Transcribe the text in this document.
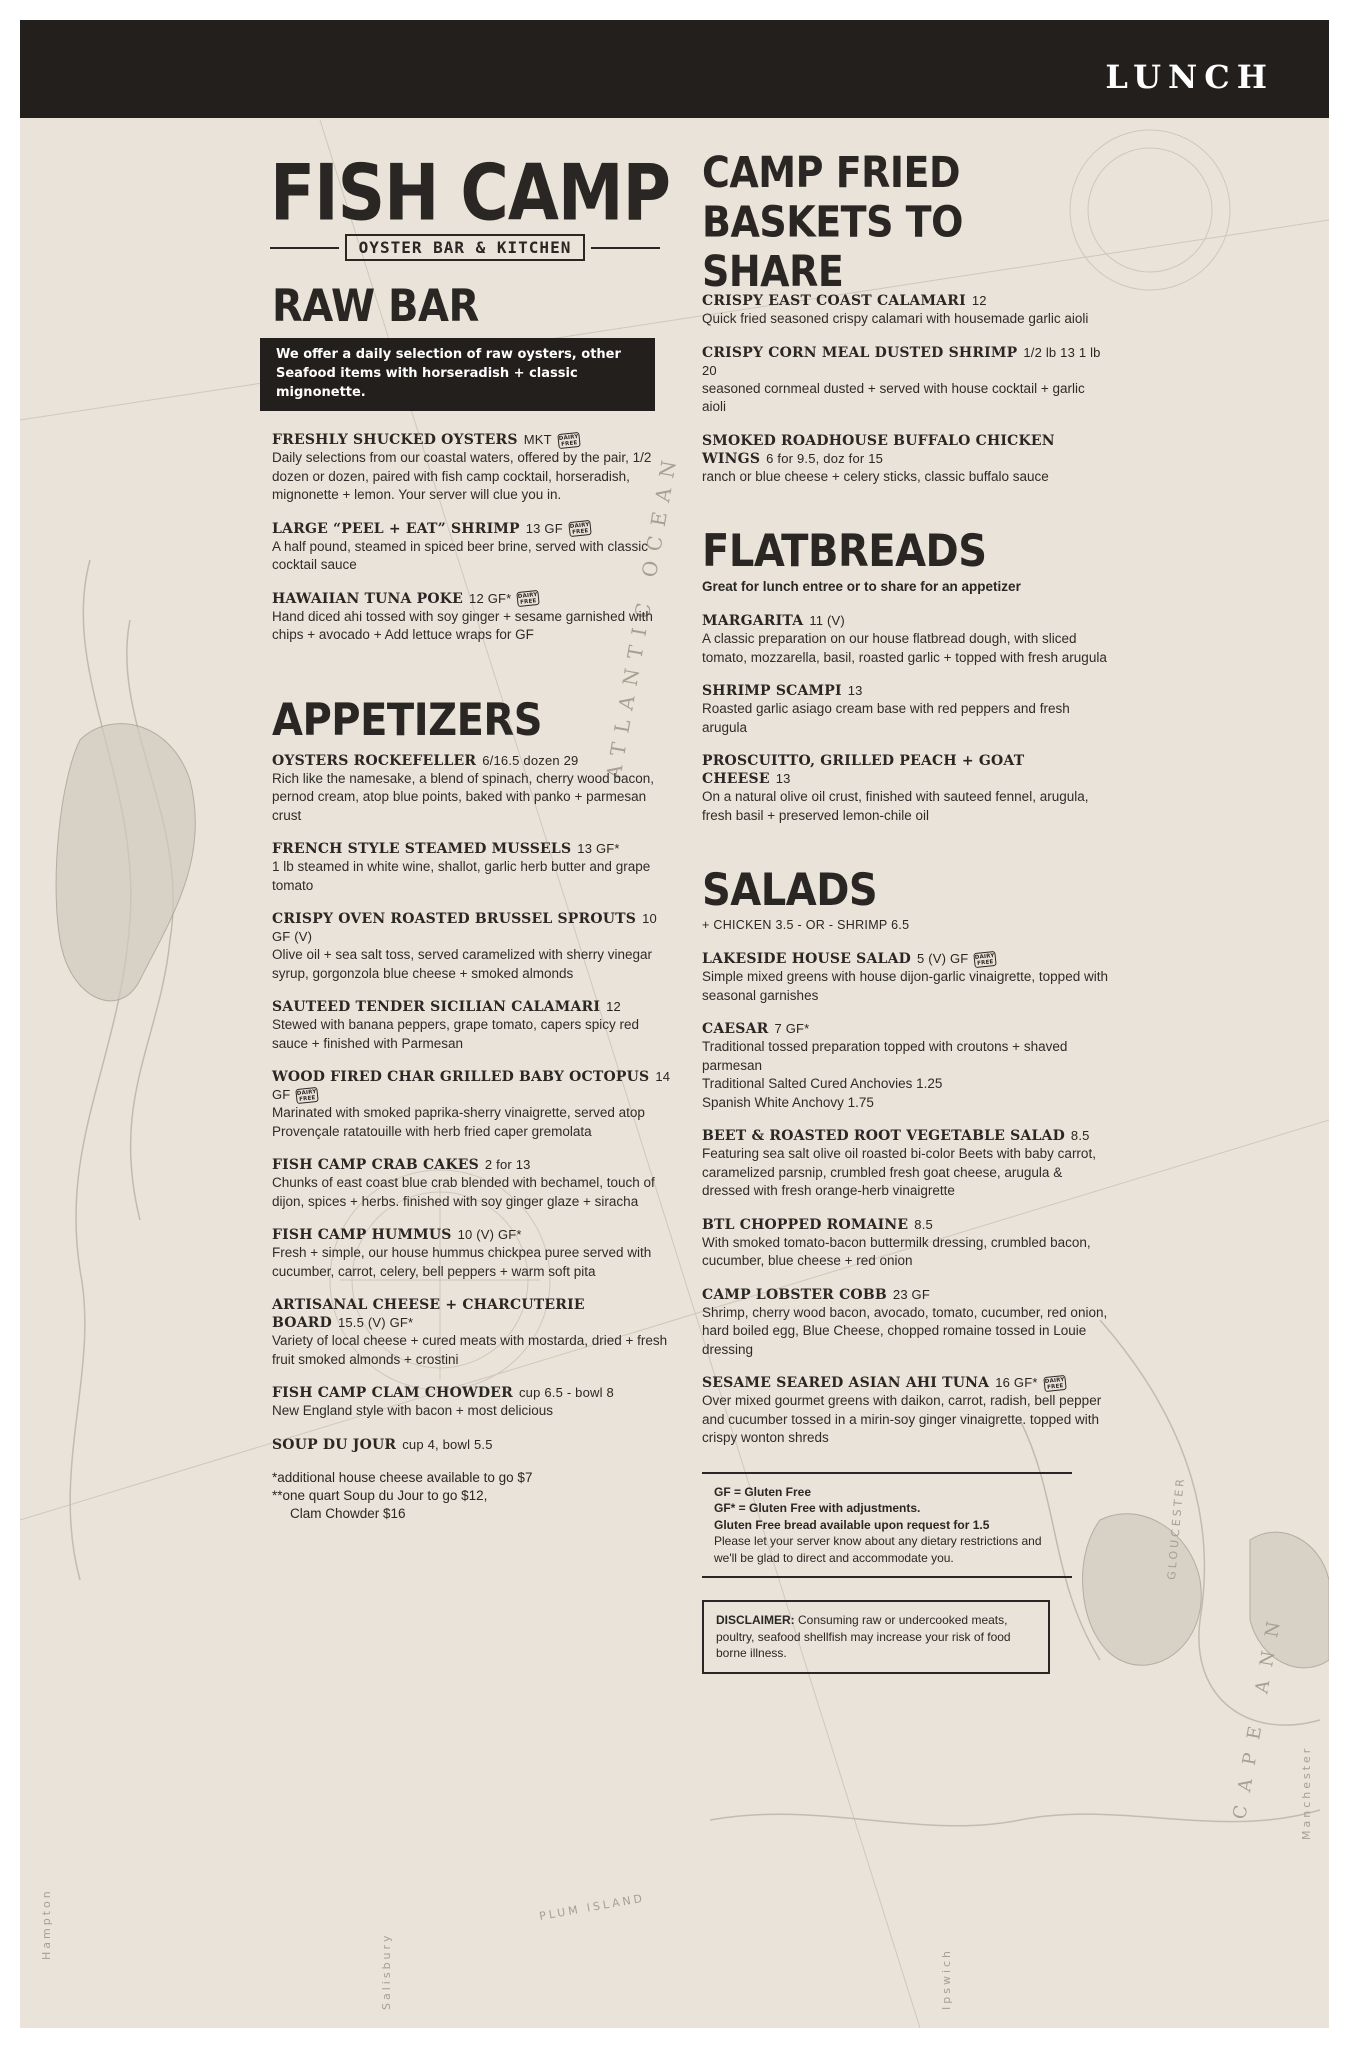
ATLANTIC OCEAN
PLUM ISLAND
GLOUCESTER
Hampton
Salisbury	Ipswich
Manchester
CAPE ANN
LUNCH
FISH CAMP
OYSTER BAR & KITCHEN
RAW BAR
We offer a daily selection of raw oysters, other Seafood items with horseradish + classic mignonette.
FRESHLY SHUCKED OYSTERS MKT DAIRY
FREE
Daily selections from our coastal waters, offered by the pair, 1/2 dozen or dozen, paired with fish camp cocktail, horseradish, mignonette + lemon. Your server will clue you in.
LARGE “PEEL + EAT” SHRIMP 13 GF DAIRY
FREE
A half pound, steamed in spiced beer brine, served with classic cocktail sauce
HAWAIIAN TUNA POKE 12 GF* DAIRY
FREE
Hand diced ahi tossed with soy ginger + sesame garnished with chips + avocado + Add lettuce wraps for GF
APPETIZERS
OYSTERS ROCKEFELLER 6/16.5 dozen 29
Rich like the namesake, a blend of spinach, cherry wood bacon, pernod cream, atop blue points, baked with panko + parmesan crust
FRENCH STYLE STEAMED MUSSELS 13 GF*
1 lb steamed in white wine, shallot, garlic herb butter and grape tomato
CRISPY OVEN ROASTED BRUSSEL SPROUTS 10 GF (V)
Olive oil + sea salt toss, served caramelized with sherry vinegar syrup, gorgonzola blue cheese + smoked almonds
SAUTEED TENDER SICILIAN CALAMARI 12
Stewed with banana peppers, grape tomato, capers spicy red sauce + finished with Parmesan
WOOD FIRED CHAR GRILLED BABY OCTOPUS 14 GF DAIRY
FREE
Marinated with smoked paprika-sherry vinaigrette, served atop Provençale ratatouille with herb fried caper gremolata
FISH CAMP CRAB CAKES 2 for 13
Chunks of east coast blue crab blended with bechamel, touch of dijon, spices + herbs. finished with soy ginger glaze + siracha
FISH CAMP HUMMUS 10 (V) GF*
Fresh + simple, our house hummus chickpea puree served with cucumber, carrot, celery, bell peppers + warm soft pita
ARTISANAL CHEESE + CHARCUTERIE BOARD 15.5 (V) GF*
Variety of local cheese + cured meats with mostarda, dried + fresh fruit smoked almonds + crostini
FISH CAMP CLAM CHOWDER cup 6.5 - bowl 8
New England style with bacon + most delicious
SOUP DU JOUR cup 4, bowl 5.5
*additional house cheese available to go $7
**one quart Soup du Jour to go $12,
Clam Chowder $16
CAMP FRIED
BASKETS TO SHARE
CRISPY EAST COAST CALAMARI 12
Quick fried seasoned crispy calamari with housemade garlic aioli
CRISPY CORN MEAL DUSTED SHRIMP 1/2 lb 13 1 lb 20
seasoned cornmeal dusted + served with house cocktail + garlic aioli
SMOKED ROADHOUSE BUFFALO CHICKEN WINGS 6 for 9.5, doz for 15
ranch or blue cheese + celery sticks, classic buffalo sauce
FLATBREADS
Great for lunch entree or to share for an appetizer
MARGARITA 11 (V)
A classic preparation on our house flatbread dough, with sliced tomato, mozzarella, basil, roasted garlic + topped with fresh arugula
SHRIMP SCAMPI 13
Roasted garlic asiago cream base with red peppers and fresh arugula
PROSCUITTO, GRILLED PEACH + GOAT CHEESE 13
On a natural olive oil crust, finished with sauteed fennel, arugula, fresh basil + preserved lemon-chile oil
SALADS
+ CHICKEN 3.5 - OR - SHRIMP 6.5
LAKESIDE HOUSE SALAD 5 (V) GF DAIRY
FREE
Simple mixed greens with house dijon-garlic vinaigrette, topped with seasonal garnishes
CAESAR 7 GF*
Traditional tossed preparation topped with croutons + shaved parmesan
Traditional Salted Cured Anchovies 1.25
Spanish White Anchovy 1.75
BEET & ROASTED ROOT VEGETABLE SALAD 8.5
Featuring sea salt olive oil roasted bi-color Beets with baby carrot, caramelized parsnip, crumbled fresh goat cheese, arugula & dressed with fresh orange-herb vinaigrette
BTL CHOPPED ROMAINE 8.5
With smoked tomato-bacon buttermilk dressing, crumbled bacon, cucumber, blue cheese + red onion
CAMP LOBSTER COBB 23 GF
Shrimp, cherry wood bacon, avocado, tomato, cucumber, red onion, hard boiled egg, Blue Cheese, chopped romaine tossed in Louie dressing
SESAME SEARED ASIAN AHI TUNA 16 GF* DAIRY
FREE
Over mixed gourmet greens with daikon, carrot, radish, bell pepper and cucumber tossed in a mirin-soy ginger vinaigrette. topped with crispy wonton shreds
GF = Gluten Free
GF* = Gluten Free with adjustments.
Gluten Free bread available upon request for 1.5
Please let your server know about any dietary restrictions and we'll be glad to direct and accommodate you.
DISCLAIMER: Consuming raw or undercooked meats, poultry, seafood shellfish may increase your risk of food borne illness.
